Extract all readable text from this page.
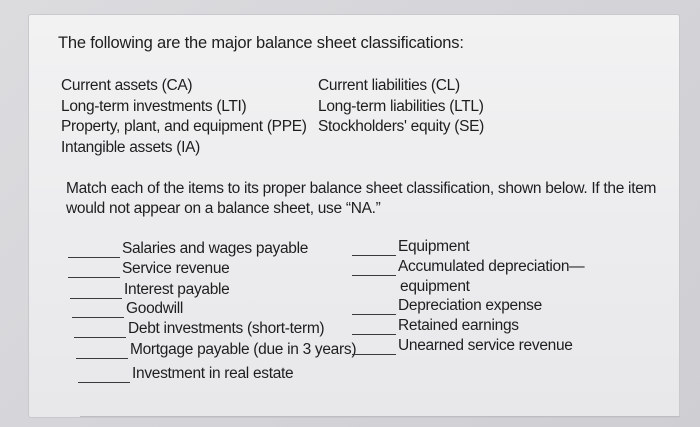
The following are the major balance sheet classifications:
Current assets (CA)
Long-term investments (LTI)
Property, plant, and equipment (PPE)
Intangible assets (IA)
Current liabilities (CL)
Long-term liabilities (LTL)
Stockholders' equity (SE)
Match each of the items to its proper balance sheet classification, shown below. If the item
would not appear on a balance sheet, use “NA.”
Salaries and wages payable
Service revenue
Interest payable
Goodwill
Debt investments (short-term)
Mortgage payable (due in 3 years)
Investment in real estate
Equipment
Accumulated depreciation—
equipment
Depreciation expense
Retained earnings
Unearned service revenue
